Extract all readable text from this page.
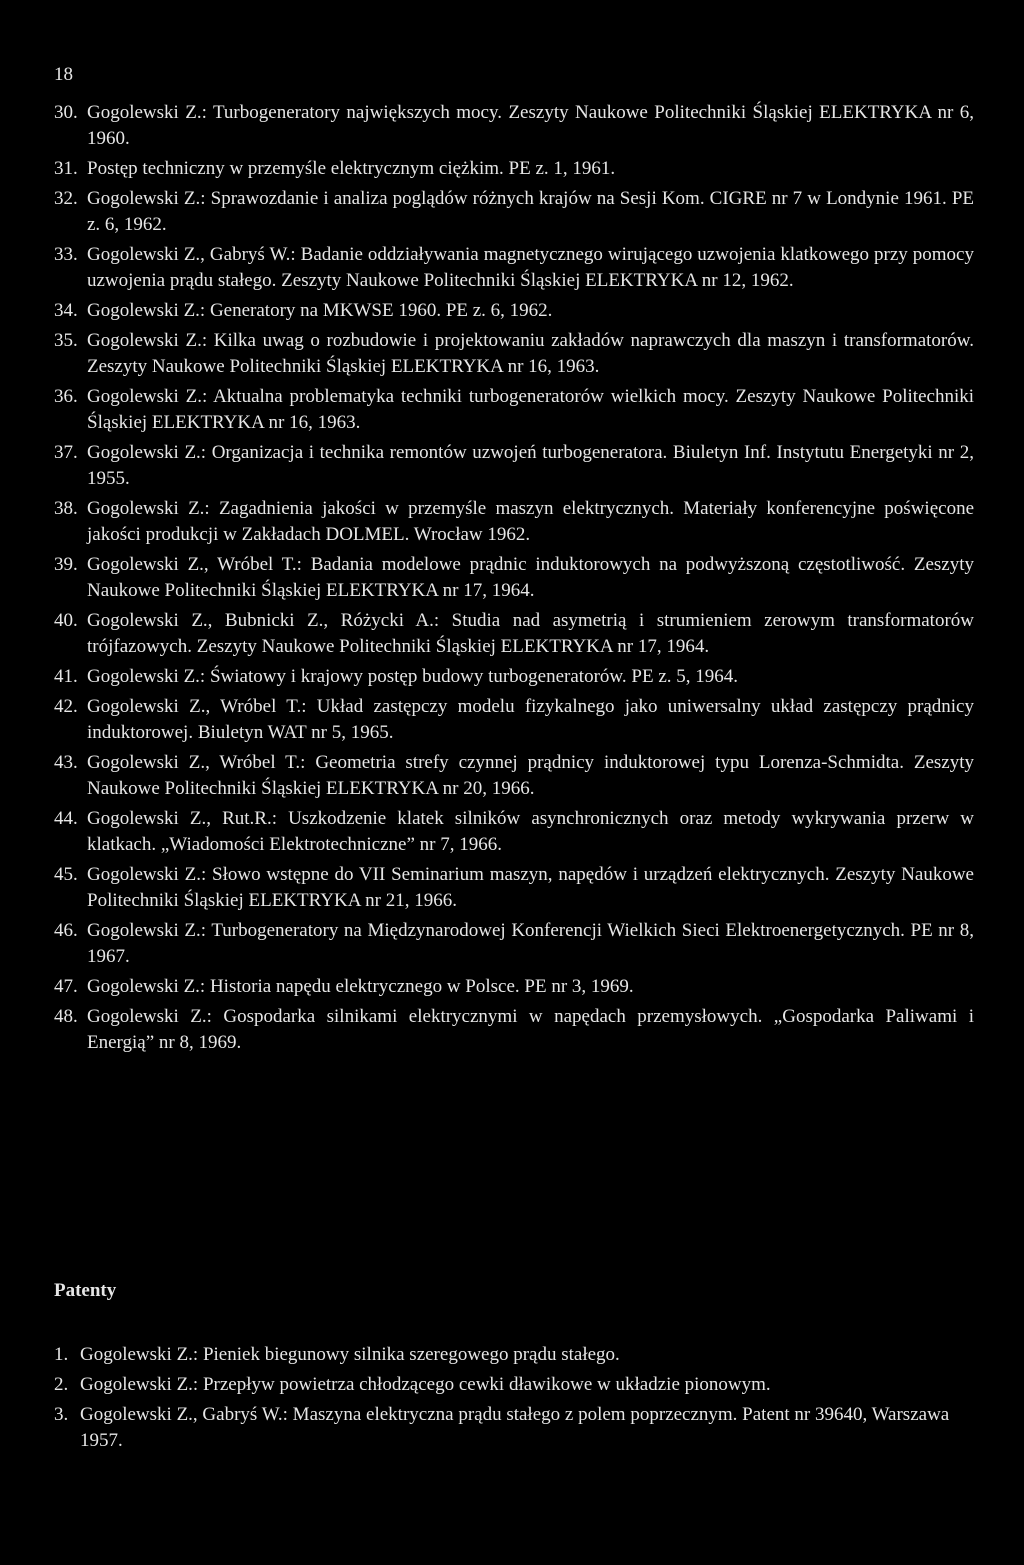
18
30. Gogolewski Z.: Turbogeneratory największych mocy. Zeszyty Naukowe Politechniki Śląskiej ELEKTRYKA nr 6, 1960.
31. Postęp techniczny w przemyśle elektrycznym ciężkim. PE z. 1, 1961.
32. Gogolewski Z.: Sprawozdanie i analiza poglądów różnych krajów na Sesji Kom. CIGRE nr 7 w Londynie 1961. PE z. 6, 1962.
33. Gogolewski Z., Gabryś W.: Badanie oddziaływania magnetycznego wirującego uzwojenia klatkowego przy pomocy uzwojenia prądu stałego. Zeszyty Naukowe Politechniki Śląskiej ELEKTRYKA nr 12, 1962.
34. Gogolewski Z.: Generatory na MKWSE 1960. PE z. 6, 1962.
35. Gogolewski Z.: Kilka uwag o rozbudowie i projektowaniu zakładów naprawczych dla maszyn i transformatorów. Zeszyty Naukowe Politechniki Śląskiej ELEKTRYKA nr 16, 1963.
36. Gogolewski Z.: Aktualna problematyka techniki turbogeneratorów wielkich mocy. Zeszyty Naukowe Politechniki Śląskiej ELEKTRYKA nr 16, 1963.
37. Gogolewski Z.: Organizacja i technika remontów uzwojeń turbogeneratora. Biuletyn Inf. Instytutu Energetyki nr 2, 1955.
38. Gogolewski Z.: Zagadnienia jakości w przemyśle maszyn elektrycznych. Materiały konferencyjne poświęcone jakości produkcji w Zakładach DOLMEL. Wrocław 1962.
39. Gogolewski Z., Wróbel T.: Badania modelowe prądnic induktorowych na podwyższoną częstotliwość. Zeszyty Naukowe Politechniki Śląskiej ELEKTRYKA nr 17, 1964.
40. Gogolewski Z., Bubnicki Z., Różycki A.: Studia nad asymetrią i strumieniem zerowym transformatorów trójfazowych. Zeszyty Naukowe Politechniki Śląskiej ELEKTRYKA nr 17, 1964.
41. Gogolewski Z.: Światowy i krajowy postęp budowy turbogeneratorów. PE z. 5, 1964.
42. Gogolewski Z., Wróbel T.: Układ zastępczy modelu fizykalnego jako uniwersalny układ zastępczy prądnicy induktorowej. Biuletyn WAT nr 5, 1965.
43. Gogolewski Z., Wróbel T.: Geometria strefy czynnej prądnicy induktorowej typu Lorenza-Schmidta. Zeszyty Naukowe Politechniki Śląskiej ELEKTRYKA nr 20, 1966.
44. Gogolewski Z., Rut.R.: Uszkodzenie klatek silników asynchronicznych oraz metody wykrywania przerw w klatkach. „Wiadomości Elektrotechniczne” nr 7, 1966.
45. Gogolewski Z.: Słowo wstępne do VII Seminarium maszyn, napędów i urządzeń elektrycznych. Zeszyty Naukowe Politechniki Śląskiej ELEKTRYKA nr 21, 1966.
46. Gogolewski Z.: Turbogeneratory na Międzynarodowej Konferencji Wielkich Sieci Elektroenergetycznych. PE nr 8, 1967.
47. Gogolewski Z.: Historia napędu elektrycznego w Polsce. PE nr 3, 1969.
48. Gogolewski Z.: Gospodarka silnikami elektrycznymi w napędach przemysłowych. „Gospodarka Paliwami i Energią” nr 8, 1969.
Patenty
1. Gogolewski Z.: Pieniek biegunowy silnika szeregowego prądu stałego.
2. Gogolewski Z.: Przepływ powietrza chłodzącego cewki dławikowe w układzie pionowym.
3. Gogolewski Z., Gabryś W.: Maszyna elektryczna prądu stałego z polem poprzecznym. Patent nr 39640, Warszawa 1957.
